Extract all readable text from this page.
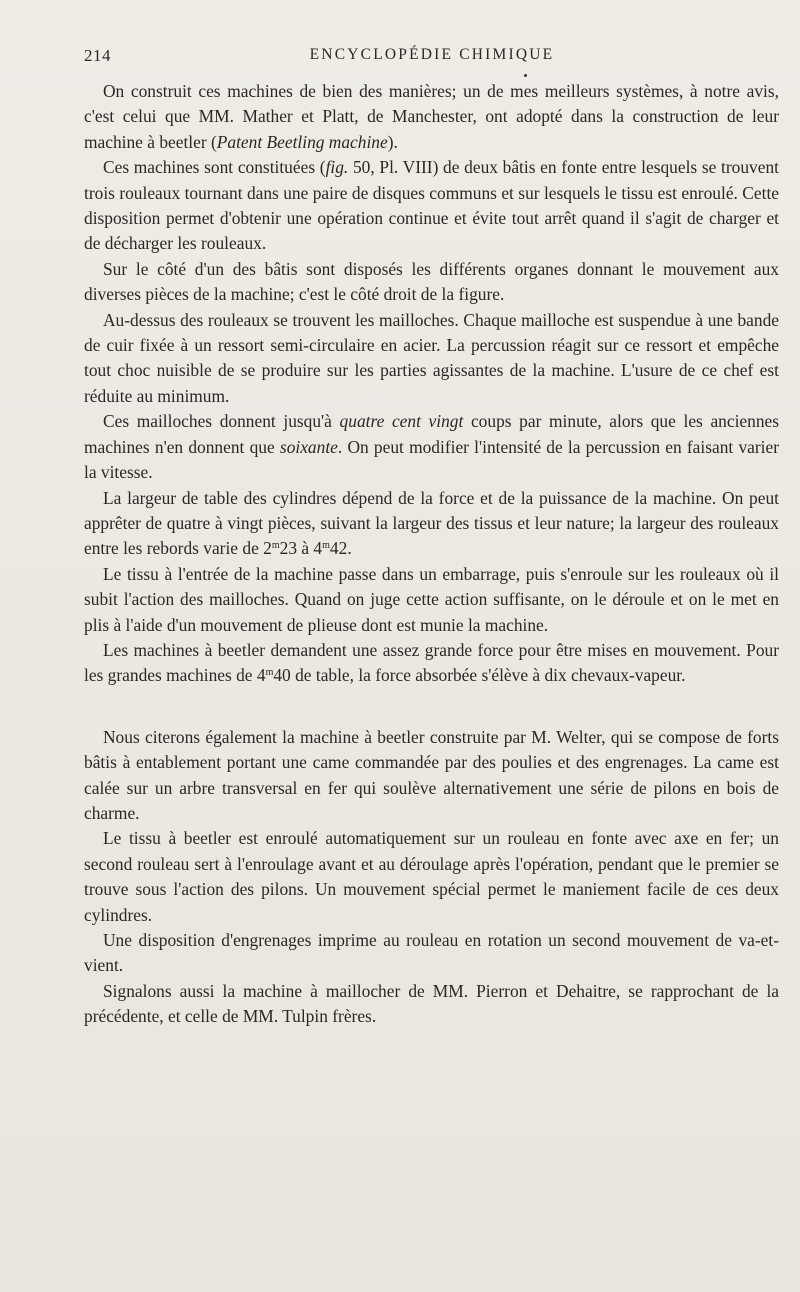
214	ENCYCLOPÉDIE CHIMIQUE

On construit ces machines de bien des manières; un de mes meilleurs systèmes, à notre avis, c'est celui que MM. Mather et Platt, de Manchester, ont adopté dans la construction de leur machine à beetler (Patent Beetling machine).

Ces machines sont constituées (fig. 50, Pl. VIII) de deux bâtis en fonte entre lesquels se trouvent trois rouleaux tournant dans une paire de disques communs et sur lesquels le tissu est enroulé. Cette disposition permet d'obtenir une opération continue et évite tout arrêt quand il s'agit de charger et de décharger les rouleaux.

Sur le côté d'un des bâtis sont disposés les différents organes donnant le mouvement aux diverses pièces de la machine; c'est le côté droit de la figure.

Au-dessus des rouleaux se trouvent les mailloches. Chaque mailloche est suspendue à une bande de cuir fixée à un ressort semi-circulaire en acier. La percussion réagit sur ce ressort et empêche tout choc nuisible de se produire sur les parties agissantes de la machine. L'usure de ce chef est réduite au minimum.

Ces mailloches donnent jusqu'à quatre cent vingt coups par minute, alors que les anciennes machines n'en donnent que soixante. On peut modifier l'intensité de la percussion en faisant varier la vitesse.

La largeur de table des cylindres dépend de la force et de la puissance de la machine. On peut apprêter de quatre à vingt pièces, suivant la largeur des tissus et leur nature; la largeur des rouleaux entre les rebords varie de 2$^m$23 à 4$^m$42.

Le tissu à l'entrée de la machine passe dans un embarrage, puis s'enroule sur les rouleaux où il subit l'action des mailloches. Quand on juge cette action suffisante, on le déroule et on le met en plis à l'aide d'un mouvement de plieuse dont est munie la machine.

Les machines à beetler demandent une assez grande force pour être mises en mouvement. Pour les grandes machines de 4$^m$40 de table, la force absorbée s'élève à dix chevaux-vapeur.

Nous citerons également la machine à beetler construite par M. Welter, qui se compose de forts bâtis à entablement portant une came commandée par des poulies et des engrenages. La came est calée sur un arbre transversal en fer qui soulève alternativement une série de pilons en bois de charme.

Le tissu à beetler est enroulé automatiquement sur un rouleau en fonte avec axe en fer; un second rouleau sert à l'enroulage avant et au déroulage après l'opération, pendant que le premier se trouve sous l'action des pilons. Un mouvement spécial permet le maniement facile de ces deux cylindres.

Une disposition d'engrenages imprime au rouleau en rotation un second mouvement de va-et-vient.

Signalons aussi la machine à maillocher de MM. Pierron et Dehaitre, se rapprochant de la précédente, et celle de MM. Tulpin frères.
